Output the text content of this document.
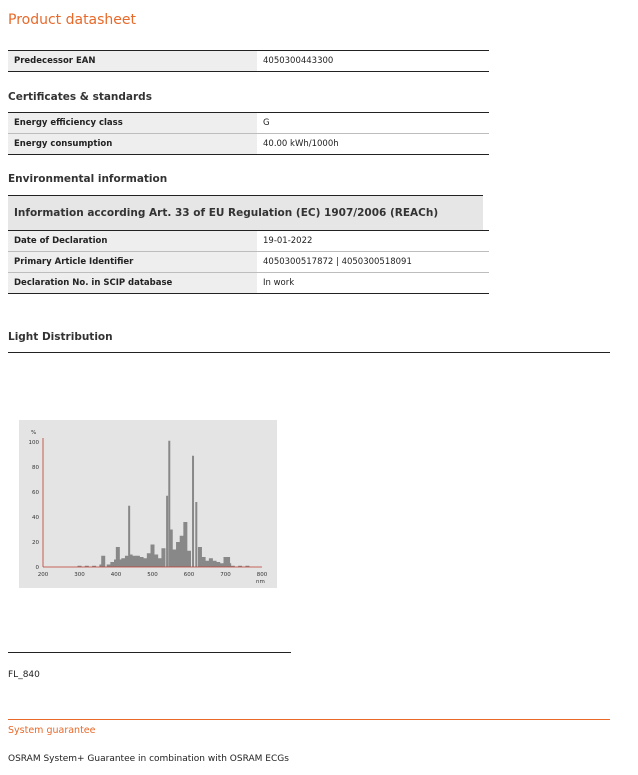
Product datasheet
Predecessor EAN	4050300443300
Certificates & standards
Energy efficiency class	G
Energy consumption	40.00 kWh/1000h
Environmental information
Information according Art. 33 of EU Regulation (EC) 1907/2006 (REACh)
Date of Declaration	19-01-2022
Primary Article Identifier	4050300517872 | 4050300518091
Declaration No. in SCIP database	In work
Light Distribution
100
80
60
40
20
0
200	300	400	500	600	700	800
%
nm
FL_840
System guarantee
OSRAM System+ Guarantee in combination with OSRAM ECGs
